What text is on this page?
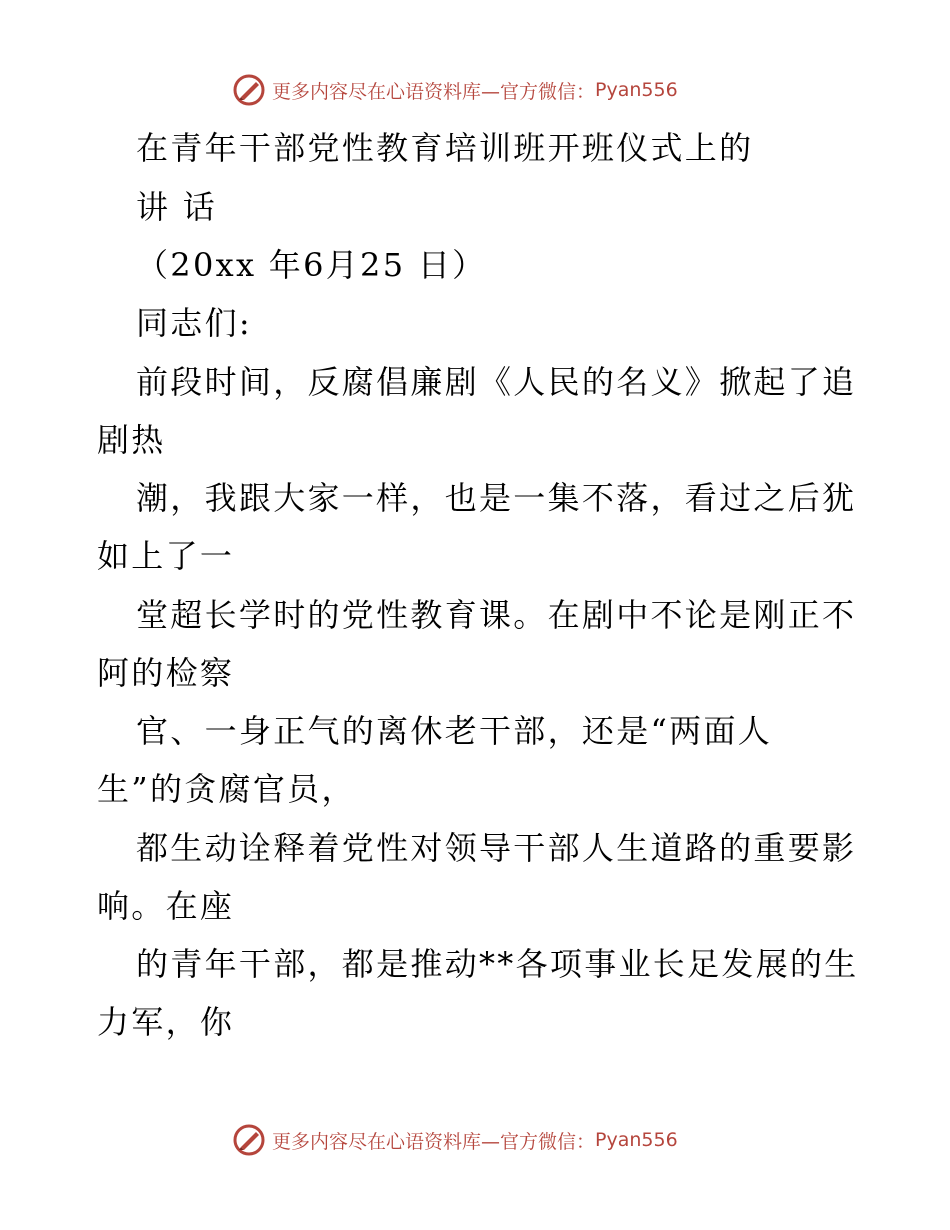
更多内容尽在心语资料库—官方微信： Pyan556
在青年干部党性教育培训班开班仪式上的
讲 话
（20xx 年6月25 日）
同志们:
前段时间，反腐倡廉剧《人民的名义》掀起了追
剧热
潮，我跟大家一样，也是一集不落，看过之后犹
如上了一
堂超长学时的党性教育课。在剧中不论是刚正不
阿的检察
官、一身正气的离休老干部，还是“两面人
生”的贪腐官员，
都生动诠释着党性对领导干部人生道路的重要影
响。在座
的青年干部，都是推动**各项事业长足发展的生
力军，你
更多内容尽在心语资料库—官方微信： Pyan556
